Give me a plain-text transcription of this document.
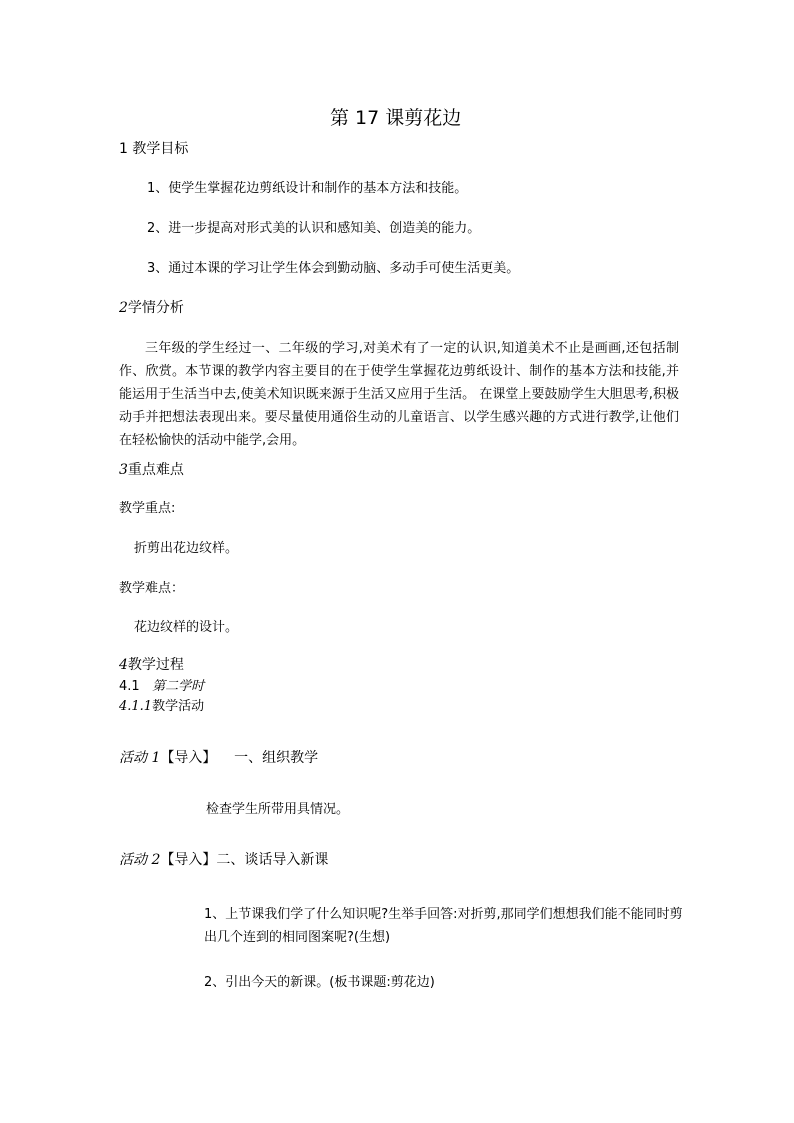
第 17 课剪花边
1 教学目标
1、使学生掌握花边剪纸设计和制作的基本方法和技能。
2、进一步提高对形式美的认识和感知美、创造美的能力。
3、通过本课的学习让学生体会到勤动脑、多动手可使生活更美。
2学情分析
三年级的学生经过一、二年级的学习,对美术有了一定的认识,知道美术不止是画画,还包括制作、欣赏。本节课的教学内容主要目的在于使学生掌握花边剪纸设计、制作的基本方法和技能,并能运用于生活当中去,使美术知识既来源于生活又应用于生活。 在课堂上要鼓励学生大胆思考,积极动手并把想法表现出来。要尽量使用通俗生动的儿童语言、以学生感兴趣的方式进行教学,让他们在轻松愉快的活动中能学,会用。
3重点难点
教学重点:
折剪出花边纹样。
教学难点：
花边纹样的设计。
4教学过程
4.1 第二学时
4.1.1教学活动
活动 1【导入】 一、组织教学
检查学生所带用具情况。
活动 2【导入】二、谈话导入新课
1、上节课我们学了什么知识呢?生举手回答:对折剪,那同学们想想我们能不能同时剪出几个连到的相同图案呢?(生想)
2、引出今天的新课。(板书课题:剪花边)
